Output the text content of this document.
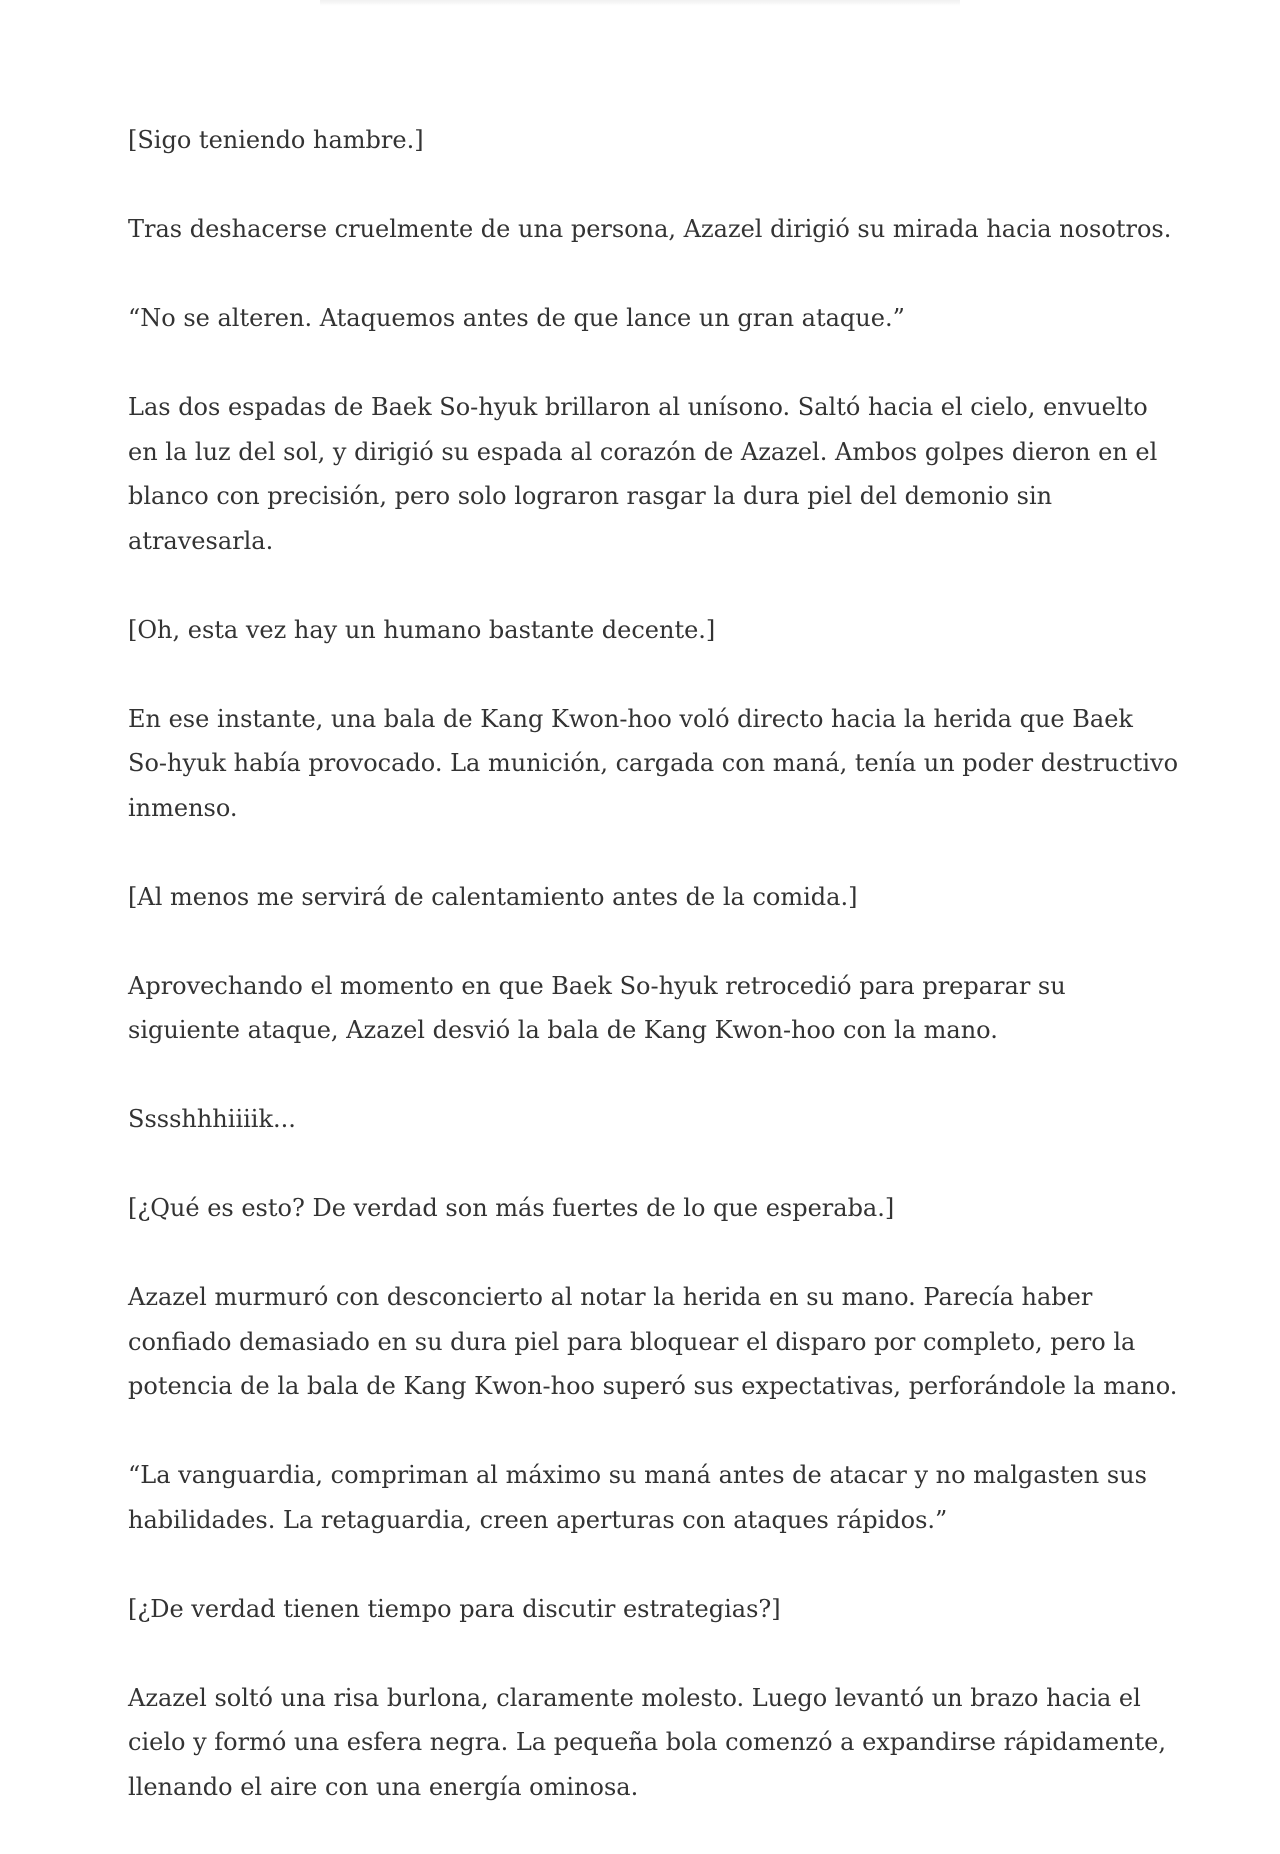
[Sigo teniendo hambre.]

Tras deshacerse cruelmente de una persona, Azazel dirigió su mirada hacia nosotros.

“No se alteren. Ataquemos antes de que lance un gran ataque.”

Las dos espadas de Baek So-hyuk brillaron al unísono. Saltó hacia el cielo, envuelto en la luz del sol, y dirigió su espada al corazón de Azazel. Ambos golpes dieron en el blanco con precisión, pero solo lograron rasgar la dura piel del demonio sin atravesarla.

[Oh, esta vez hay un humano bastante decente.]

En ese instante, una bala de Kang Kwon-hoo voló directo hacia la herida que Baek So-hyuk había provocado. La munición, cargada con maná, tenía un poder destructivo inmenso.

[Al menos me servirá de calentamiento antes de la comida.]

Aprovechando el momento en que Baek So-hyuk retrocedió para preparar su siguiente ataque, Azazel desvió la bala de Kang Kwon-hoo con la mano.

Sssshhhiiiik...

[¿Qué es esto? De verdad son más fuertes de lo que esperaba.]

Azazel murmuró con desconcierto al notar la herida en su mano. Parecía haber confiado demasiado en su dura piel para bloquear el disparo por completo, pero la potencia de la bala de Kang Kwon-hoo superó sus expectativas, perforándole la mano.

“La vanguardia, compriman al máximo su maná antes de atacar y no malgasten sus habilidades. La retaguardia, creen aperturas con ataques rápidos.”

[¿De verdad tienen tiempo para discutir estrategias?]

Azazel soltó una risa burlona, claramente molesto. Luego levantó un brazo hacia el cielo y formó una esfera negra. La pequeña bola comenzó a expandirse rápidamente, llenando el aire con una energía ominosa.
